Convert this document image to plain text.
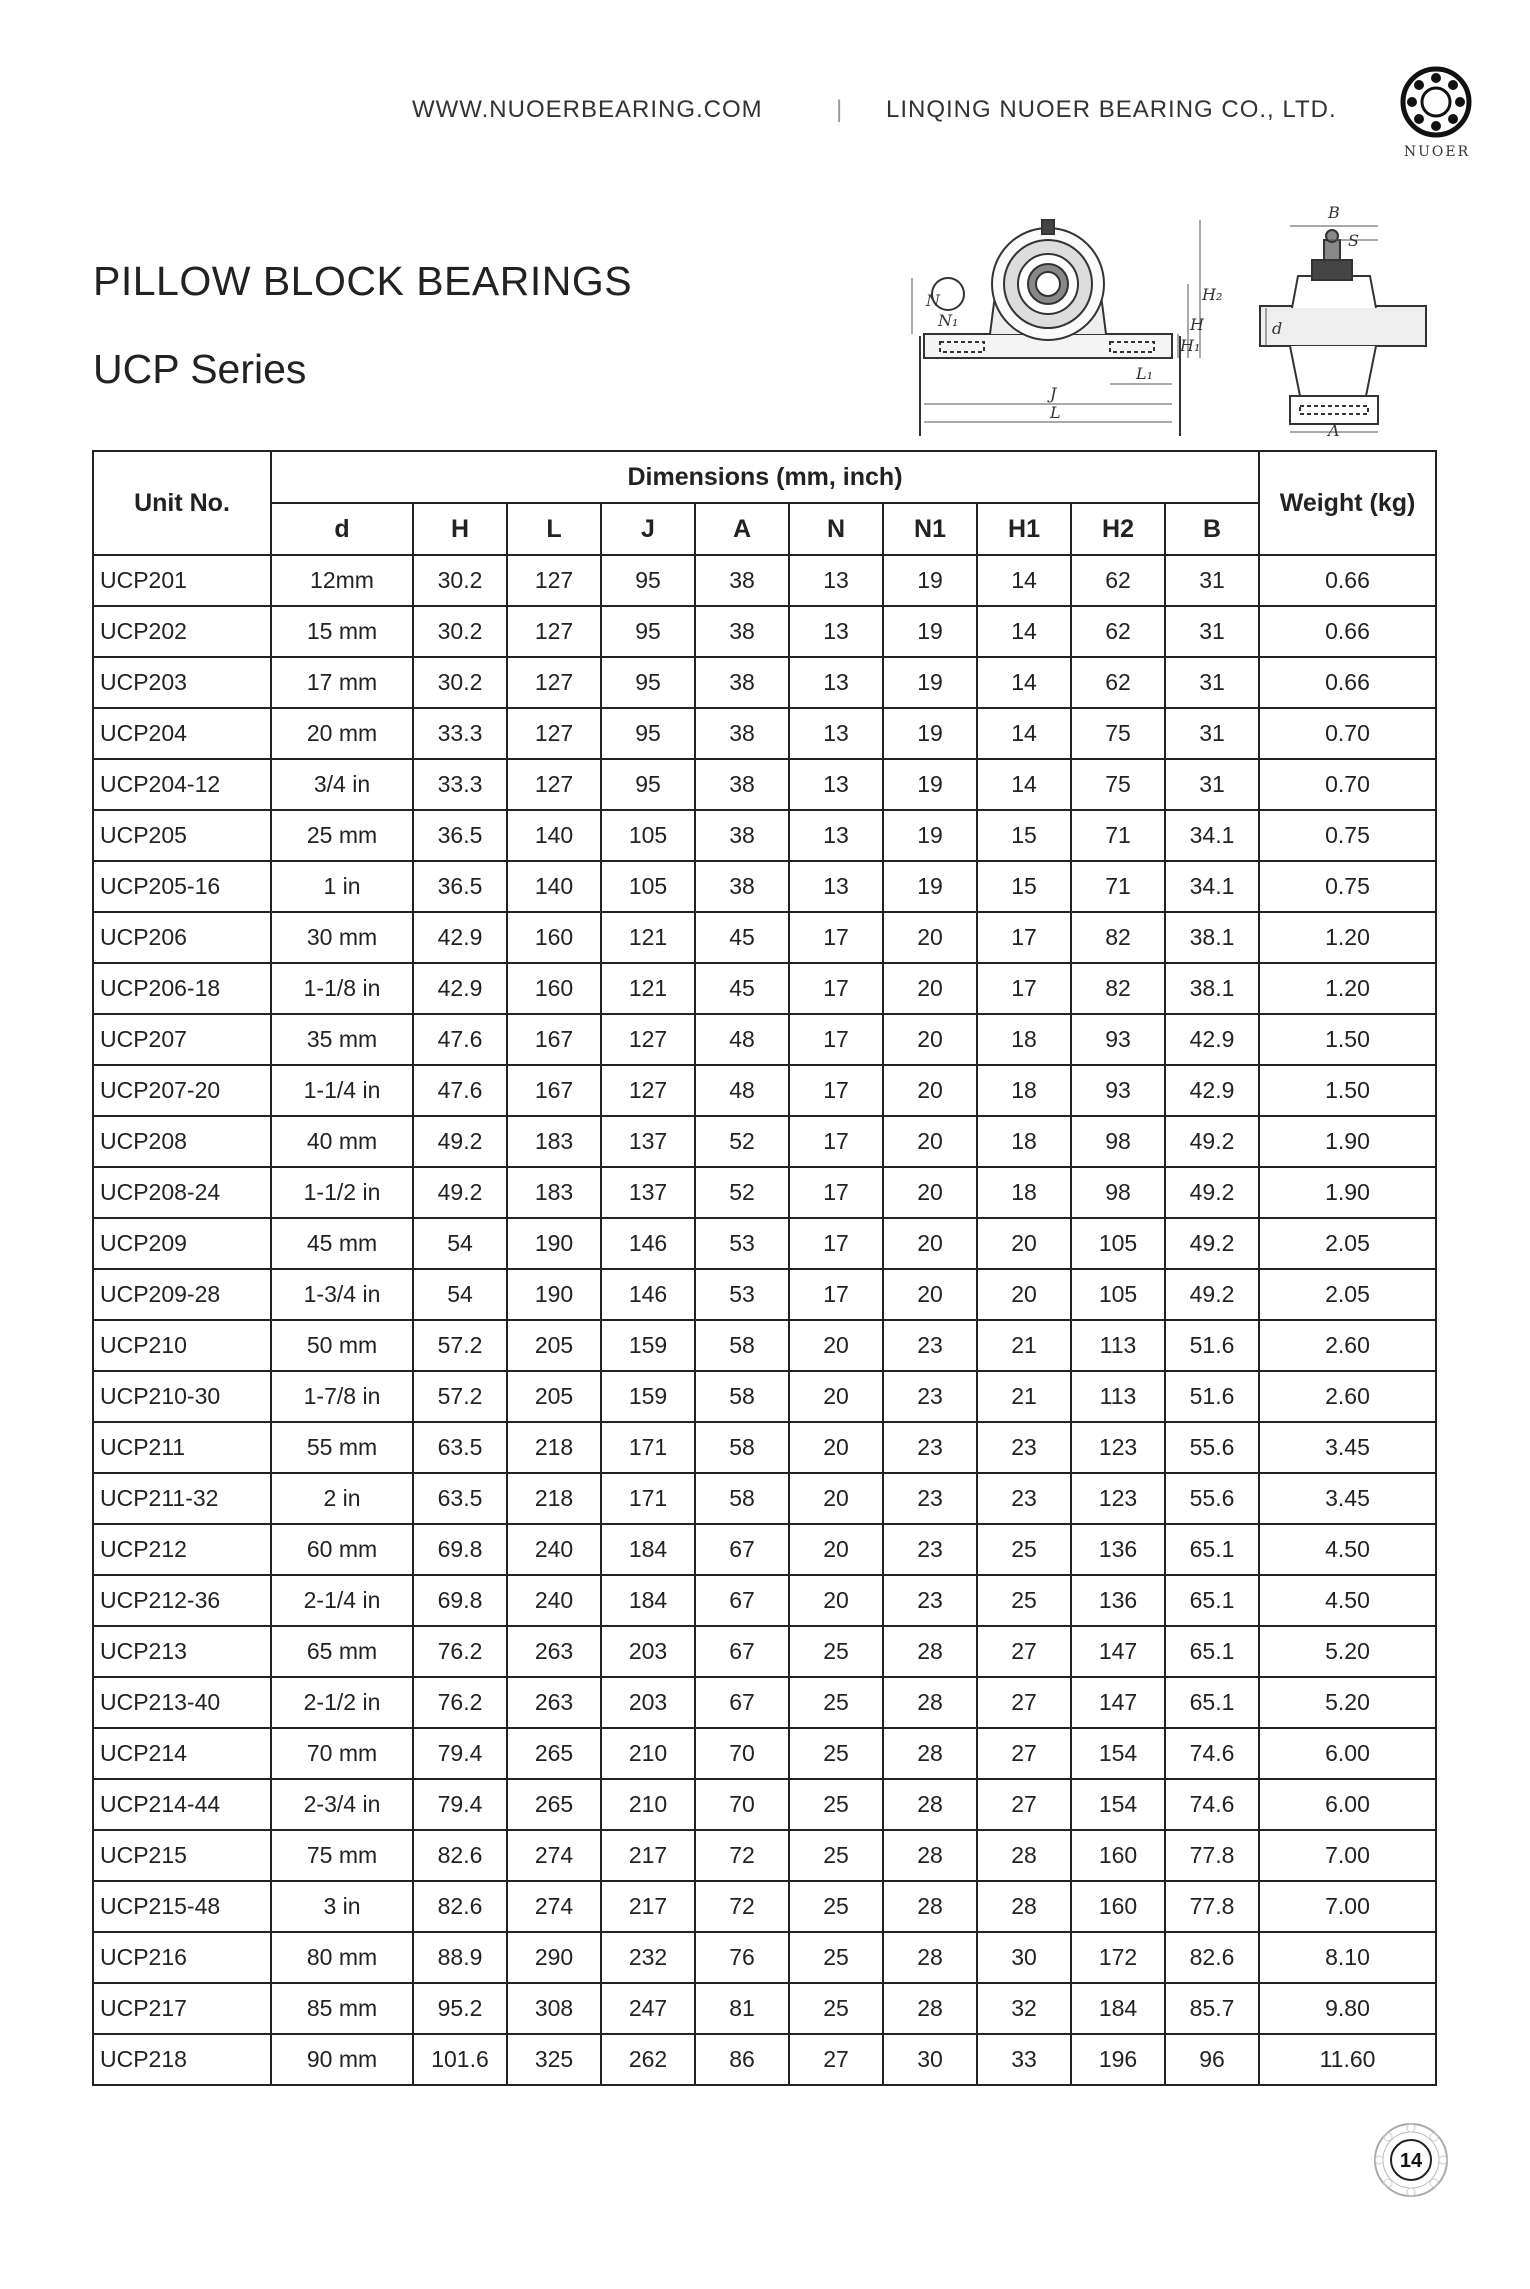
WWW.NUOERBEARING.COM	| LINQING NUOER BEARING CO., LTD.
NUOER
PILLOW BLOCK BEARINGS
UCP Series
N
N₁
H₂
H
H₁
J
L
L₁
B
S
d
A
Unit No.	Dimensions (mm, inch)										Weight (kg)
	d	H	L	J	A	N	N1	H1	H2	B	
UCP201	12mm	30.2	127	95	38	13	19	14	62	31	0.66
UCP202	15 mm	30.2	127	95	38	13	19	14	62	31	0.66
UCP203	17 mm	30.2	127	95	38	13	19	14	62	31	0.66
UCP204	20 mm	33.3	127	95	38	13	19	14	75	31	0.70
UCP204-12	3/4 in	33.3	127	95	38	13	19	14	75	31	0.70
UCP205	25 mm	36.5	140	105	38	13	19	15	71	34.1	0.75
UCP205-16	1 in	36.5	140	105	38	13	19	15	71	34.1	0.75
UCP206	30 mm	42.9	160	121	45	17	20	17	82	38.1	1.20
UCP206-18	1-1/8 in	42.9	160	121	45	17	20	17	82	38.1	1.20
UCP207	35 mm	47.6	167	127	48	17	20	18	93	42.9	1.50
UCP207-20	1-1/4 in	47.6	167	127	48	17	20	18	93	42.9	1.50
UCP208	40 mm	49.2	183	137	52	17	20	18	98	49.2	1.90
UCP208-24	1-1/2 in	49.2	183	137	52	17	20	18	98	49.2	1.90
UCP209	45 mm	54	190	146	53	17	20	20	105	49.2	2.05
UCP209-28	1-3/4 in	54	190	146	53	17	20	20	105	49.2	2.05
UCP210	50 mm	57.2	205	159	58	20	23	21	113	51.6	2.60
UCP210-30	1-7/8 in	57.2	205	159	58	20	23	21	113	51.6	2.60
UCP211	55 mm	63.5	218	171	58	20	23	23	123	55.6	3.45
UCP211-32	2 in	63.5	218	171	58	20	23	23	123	55.6	3.45
UCP212	60 mm	69.8	240	184	67	20	23	25	136	65.1	4.50
UCP212-36	2-1/4 in	69.8	240	184	67	20	23	25	136	65.1	4.50
UCP213	65 mm	76.2	263	203	67	25	28	27	147	65.1	5.20
UCP213-40	2-1/2 in	76.2	263	203	67	25	28	27	147	65.1	5.20
UCP214	70 mm	79.4	265	210	70	25	28	27	154	74.6	6.00
UCP214-44	2-3/4 in	79.4	265	210	70	25	28	27	154	74.6	6.00
UCP215	75 mm	82.6	274	217	72	25	28	28	160	77.8	7.00
UCP215-48	3 in	82.6	274	217	72	25	28	28	160	77.8	7.00
UCP216	80 mm	88.9	290	232	76	25	28	30	172	82.6	8.10
UCP217	85 mm	95.2	308	247	81	25	28	32	184	85.7	9.80
UCP218	90 mm	101.6	325	262	86	27	30	33	196	96	11.60
14
